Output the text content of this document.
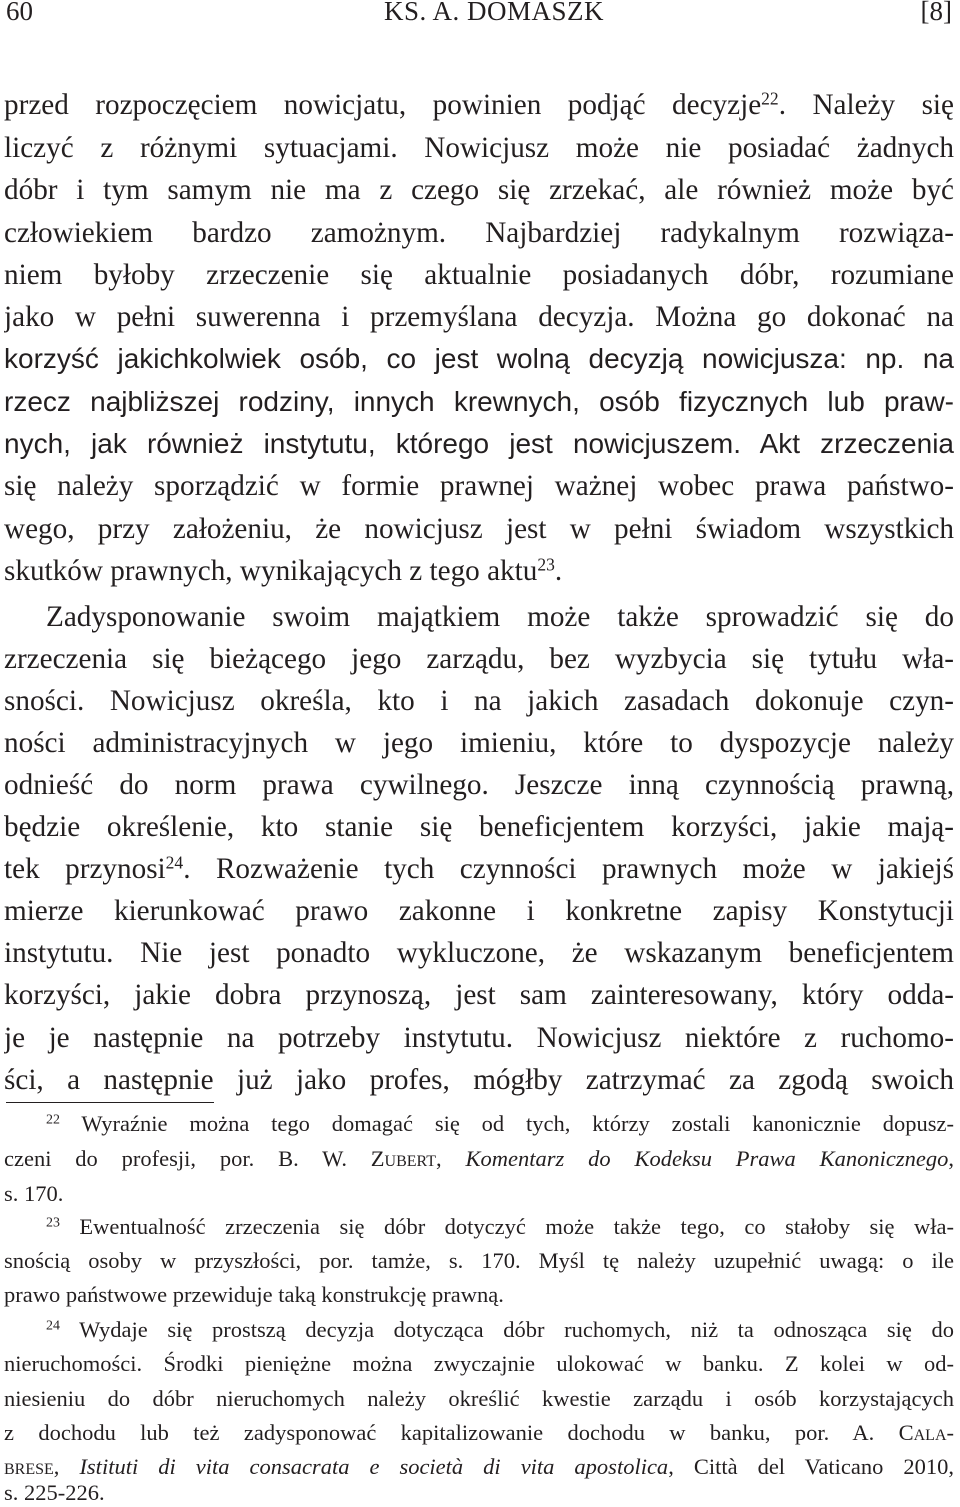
60	KS. A. DOMASZK	[8]
przed rozpoczęciem nowicjatu, powinien podjąć decyzje$^{22}$. Należy się
liczyć z różnymi sytuacjami. Nowicjusz może nie posiadać żadnych
dóbr i tym samym nie ma z czego się zrzekać, ale również może być
człowiekiem bardzo zamożnym. Najbardziej radykalnym rozwiąza-
niem byłoby zrzeczenie się aktualnie posiadanych dóbr, rozumiane
jako w pełni suwerenna i przemyślana decyzja. Można go dokonać na
korzyść jakichkolwiek osób, co jest wolną decyzją nowicjusza: np. na
rzecz najbliższej rodziny, innych krewnych, osób fizycznych lub praw-
nych, jak również instytutu, którego jest nowicjuszem. Akt zrzeczenia
się należy sporządzić w formie prawnej ważnej wobec prawa państwo-
wego, przy założeniu, że nowicjusz jest w pełni świadom wszystkich
skutków prawnych, wynikających z tego aktu$^{23}$.
Zadysponowanie swoim majątkiem może także sprowadzić się do
zrzeczenia się bieżącego jego zarządu, bez wyzbycia się tytułu wła-
sności. Nowicjusz określa, kto i na jakich zasadach dokonuje czyn-
ności administracyjnych w jego imieniu, które to dyspozycje należy
odnieść do norm prawa cywilnego. Jeszcze inną czynnością prawną,
będzie określenie, kto stanie się beneficjentem korzyści, jakie mają-
tek przynosi$^{24}$. Rozważenie tych czynności prawnych może w jakiejś
mierze kierunkować prawo zakonne i konkretne zapisy Konstytucji
instytutu. Nie jest ponadto wykluczone, że wskazanym beneficjentem
korzyści, jakie dobra przynoszą, jest sam zainteresowany, który odda-
je je następnie na potrzeby instytutu. Nowicjusz niektóre z ruchomo-
ści, a następnie już jako profes, mógłby zatrzymać za zgodą swoich
$^{22}$ Wyraźnie można tego domagać się od tych, którzy zostali kanonicznie dopusz-
czeni do profesji, por. B. W. Zubert, Komentarz do Kodeksu Prawa Kanonicznego,
s. 170.
$^{23}$ Ewentualność zrzeczenia się dóbr dotyczyć może także tego, co stałoby się wła-
snością osoby w przyszłości, por. tamże, s. 170. Myśl tę należy uzupełnić uwagą: o ile
prawo państwowe przewiduje taką konstrukcję prawną.
$^{24}$ Wydaje się prostszą decyzja dotycząca dóbr ruchomych, niż ta odnosząca się do
nieruchomości. Środki pieniężne można zwyczajnie ulokować w banku. Z kolei w od-
niesieniu do dóbr nieruchomych należy określić kwestie zarządu i osób korzystających
z dochodu lub też zadysponować kapitalizowanie dochodu w banku, por. A. Cala-
brese, Istituti di vita consacrata e società di vita apostolica, Città del Vaticano 2010,
s. 225-226.
